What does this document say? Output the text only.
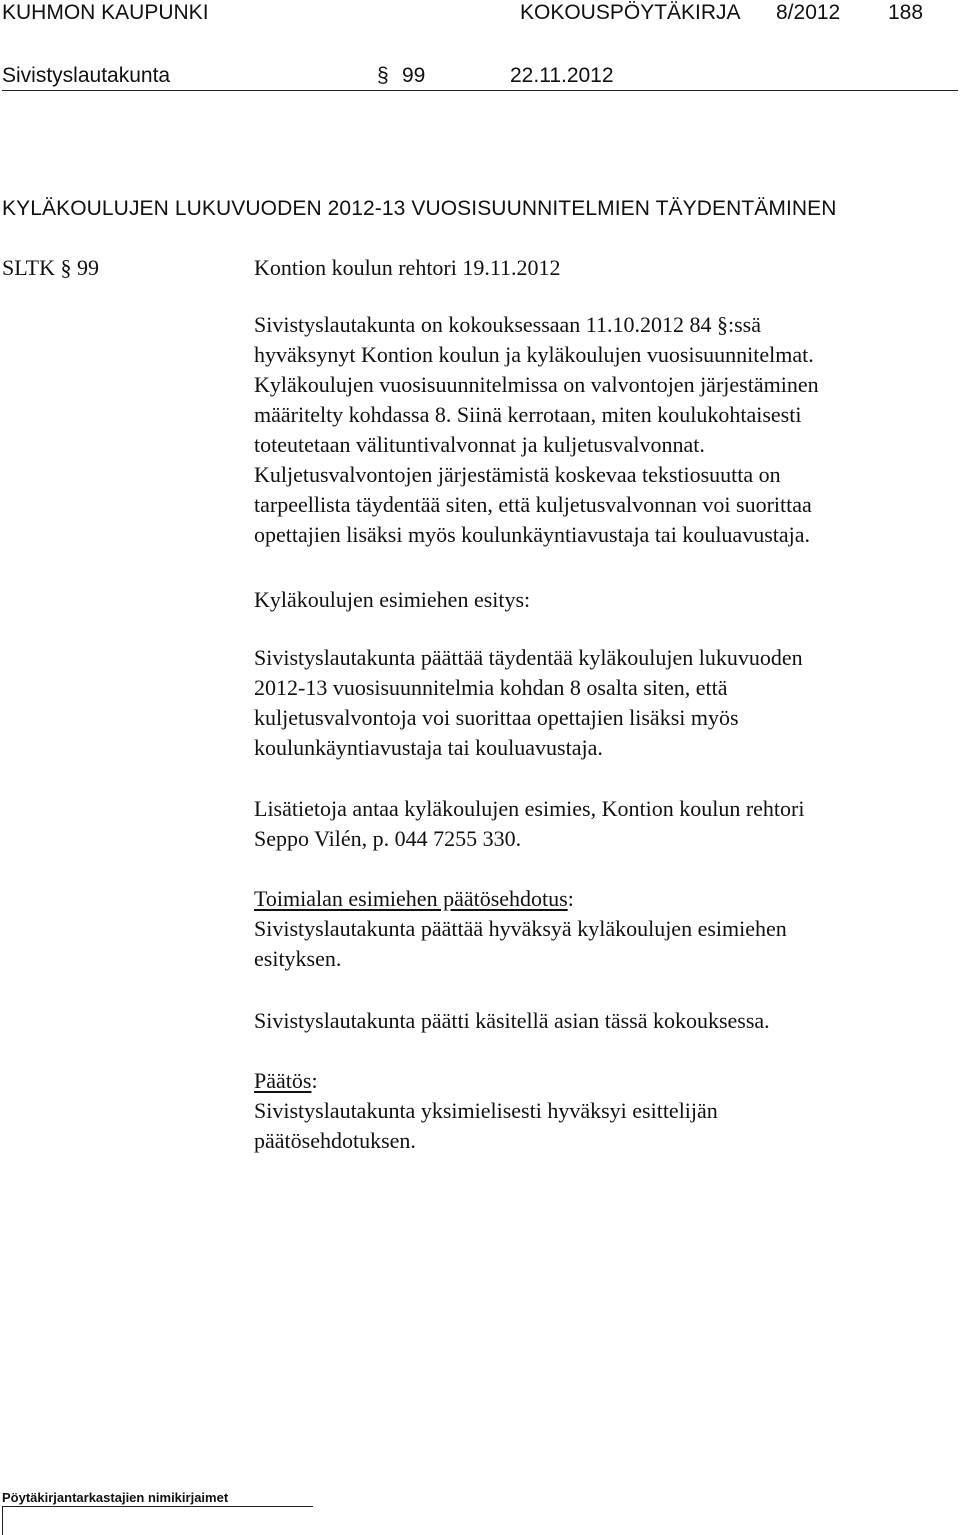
KUHMON KAUPUNKI	KOKOUSPÖYTÄKIRJA 8/2012 188
Sivistyslautakunta	§ 99	22.11.2012
KYLÄKOULUJEN LUKUVUODEN 2012-13 VUOSISUUNNITELMIEN TÄYDENTÄMINEN
SLTK § 99	Kontion koulun rehtori 19.11.2012

Sivistyslautakunta on kokouksessaan 11.10.2012 84 §:ssä

hyväksynyt Kontion koulun ja kyläkoulujen vuosisuunnitelmat.

Kyläkoulujen vuosisuunnitelmissa on valvontojen järjestäminen

määritelty kohdassa 8. Siinä kerrotaan, miten koulukohtaisesti

toteutetaan välituntivalvonnat ja kuljetusvalvonnat.

Kuljetusvalvontojen järjestämistä koskevaa tekstiosuutta on

tarpeellista täydentää siten, että kuljetusvalvonnan voi suorittaa

opettajien lisäksi myös koulunkäyntiavustaja tai kouluavustaja.

Kyläkoulujen esimiehen esitys:

Sivistyslautakunta päättää täydentää kyläkoulujen lukuvuoden

2012-13 vuosisuunnitelmia kohdan 8 osalta siten, että

kuljetusvalvontoja voi suorittaa opettajien lisäksi myös

koulunkäyntiavustaja tai kouluavustaja.

Lisätietoja antaa kyläkoulujen esimies, Kontion koulun rehtori

Seppo Vilén, p. 044 7255 330.

Toimialan esimiehen päätösehdotus:

Sivistyslautakunta päättää hyväksyä kyläkoulujen esimiehen

esityksen.

Sivistyslautakunta päätti käsitellä asian tässä kokouksessa.

Päätös:

Sivistyslautakunta yksimielisesti hyväksyi esittelijän

päätösehdotuksen.

Pöytäkirjantarkastajien nimikirjaimet
